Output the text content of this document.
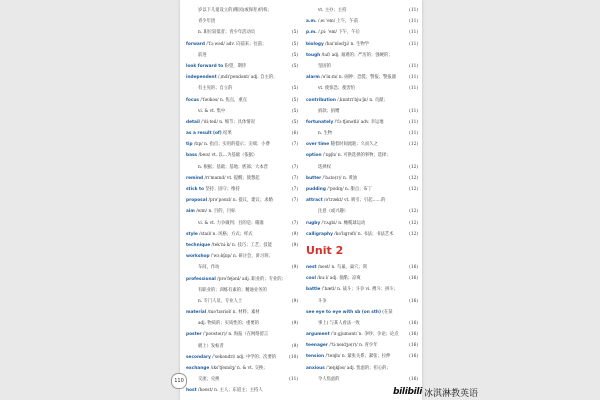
岁以下儿童设立的)稚园(或保育)机构；
青少年团
n. 职位较低者；青少年活动员	(5)
forward /'fɔːwəd/ adv. 向前来；往前；	(5)
前进	(5)
look forward to 盼望，期待	(5)
independent /ˌɪndɪ'pendənt/ adj. 自主的；
有主见的；自立的	(5)
focus /'fəʊkəs/ n. 焦点，重点	(5)
vi. & vt. 集中	(5)
detail /'diːteɪl/ n. 细节；具体情况	(5)
as a result (of) 结果	(6)
tip /tɪp/ n. 指点；实用的提示；尖端；小费	(7)
bass /beɪs/ vt. 以…为基础（依据）
n. 根据；基础；基地；底部；大本营	(7)
remind /rɪ'maɪnd/ vt. 提醒；使想起	(7)
stick to 坚持；固守；维持	(7)
proposal /prə'pəʊzl/ n. 提议，建议；求婚	(7)
aim /eɪm/ n. 目的，目标
vi. & vt. 力争做到；目的是；瞄准	(7)
style /staɪl/ n. 风格；方式；样式	(9)
technique /tek'niːk/ n. 技巧；工艺；技能	(9)
workshop /'wɜːkʃɒp/ n. 研讨会，讲习班；
车间，作坊	(9)
professional /prə'feʃənl/ adj. 职业的；专业的；
有职业的；训练有素的；精通业务的
n. 专门人员，专业人士	(9)
material /mə'tɪəriəl/ n. 材料；素材
adj. 物质的；实质性的；重要的	(9)
poster /'pəʊstə(r)/ n. 海报（在网络留言
板上）发帖者	(9)
secondary /'sekəndri/ adj. 中学的；次要的	(10)
exchange /ɪks'tʃeɪndʒ/ n. & vt. 交换；
交流；兑换	(11)
host /həʊst/ n. 主人；东道主；主持人
vt. 主办；主持	(11)
a.m. /ˌeɪ 'em/ 上午，午前	(11)
p.m. /ˌpiː 'em/ 下午，午后	(11)
biology /baɪ'ɒlədʒi/ n. 生物学	(11)
tough /tʌf/ adj. 艰难的；严厉的；强硬的；
坚固的	(11)
alarm /ə'lɑːm/ n. 闹钟；恐慌；警报；警报器	(11)
vt. 使惊恐；使害怕	(11)
contribution /ˌkɒntrɪ'bjuːʃn/ n. 贡献；
捐款；捐赠	(11)
fortunately /'fɔːtʃənətli/ adv. 幸运地	(11)
n. 生物	(11)
over time 随着时间流逝；久而久之	(12)
option /'ɒpʃn/ n. 可供选择的事物；选择；
选择权	(12)
butter /'bʌtə(r)/ n. 黄油	(12)
pudding /'pʊdɪŋ/ n. 甜点；布丁	(12)
attract /ə'trækt/ vt. 吸引；引起……的
注意（或兴趣）	(12)
rugby /'rʌgbi/ n. 橄榄球运动	(12)
calligraphy /kə'lɪgrəfi/ n. 书法；书法艺术	(12)
Unit 2
nest /nest/ n. 鸟巢，巢穴；窝	(16)
cool /kuːl/ adj. 很酷；凉爽	(16)
battle /'bætl/ n. 战斗；斗争 vi. 搏斗；拼斗；
斗争	(16)
see eye to eye with sb (on sth) (在某
事上) 与某人看法一致	(16)
argument /'ɑːgjumənt/ n. 争吵；争论；论点 (16)
teenager /'tiːneɪdʒə(r)/ n. 青少年	(16)
tension /'tenʃn/ n. 紧张关系；紧张；拉伸	(16)
anxious /'æŋkʃəs/ adj. 忧虑的；担心的；
令人焦虑的	(16)
110
bilibili 冰淇淋教英语
